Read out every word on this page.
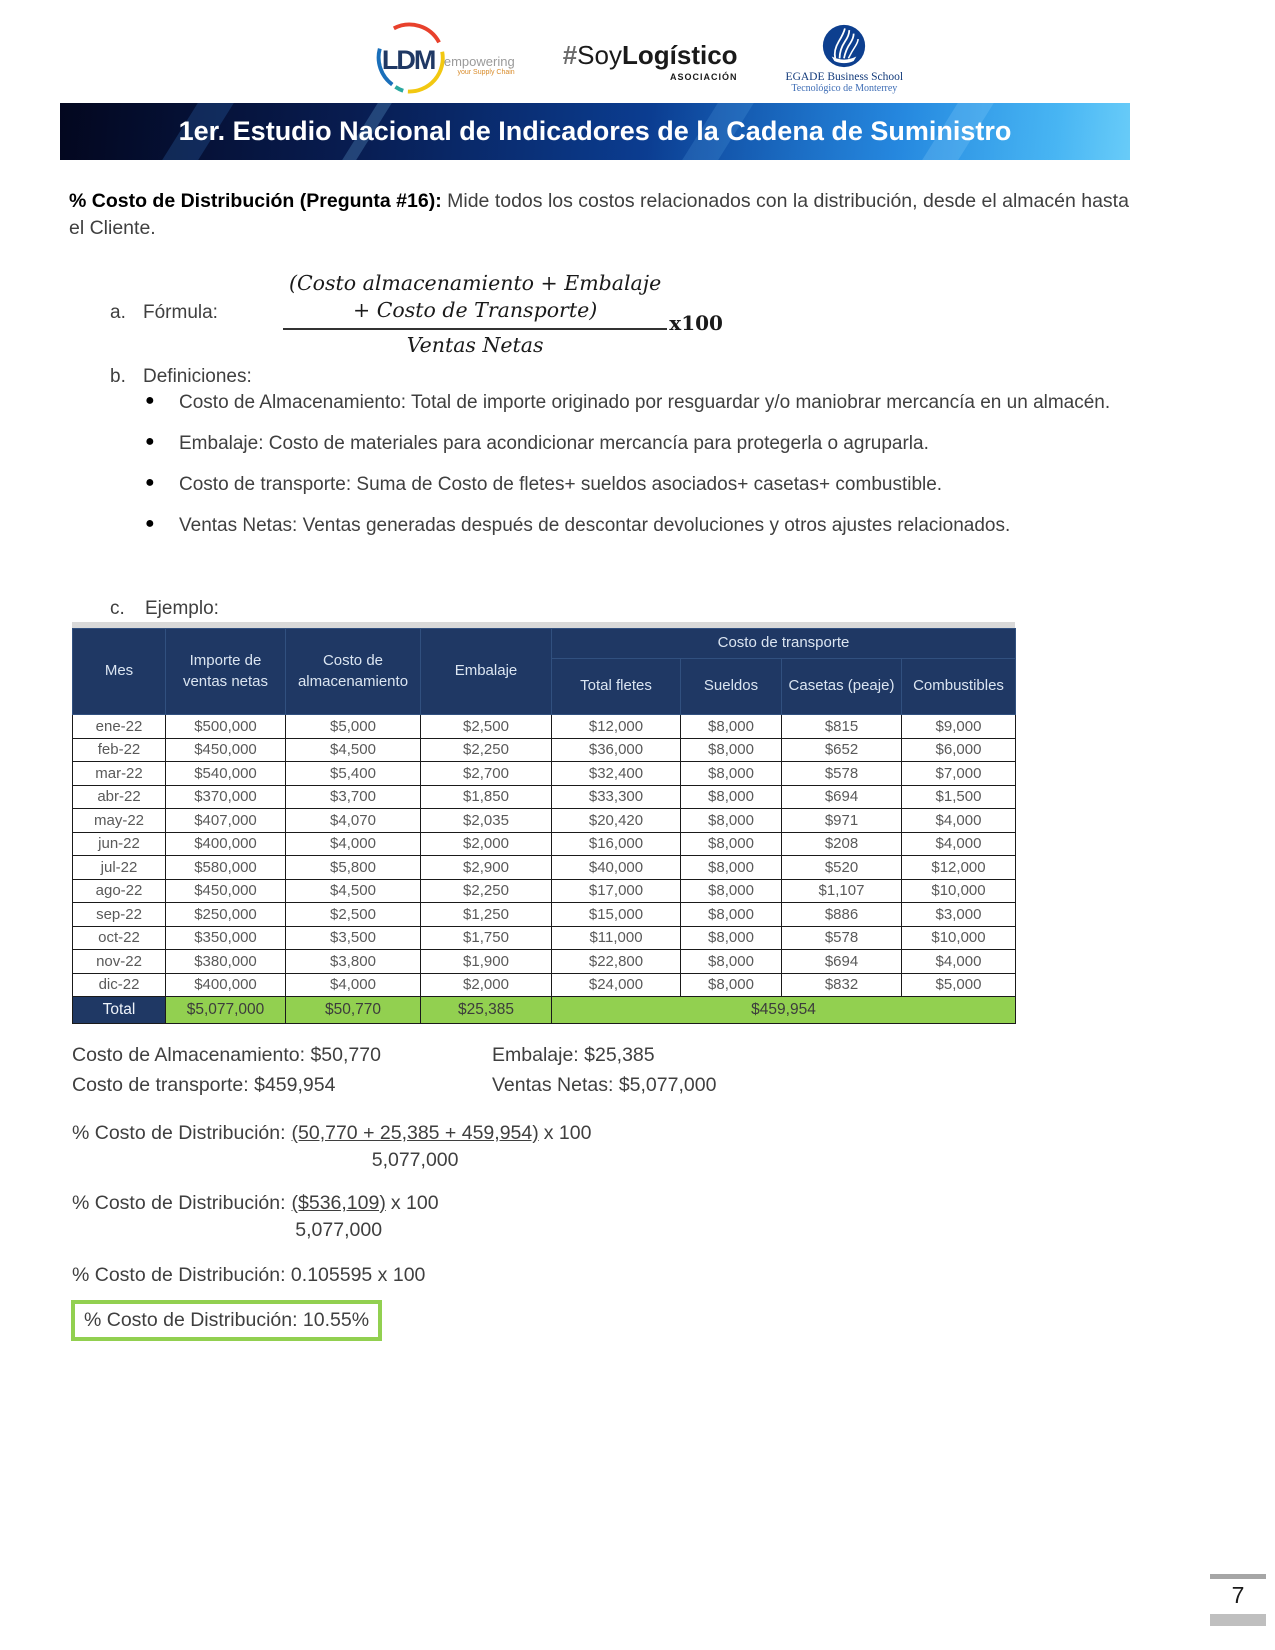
LDM empowering
your Supply Chain
#SoyLogístico
ASOCIACIÓN	EGADE Business School
Tecnológico de Monterrey
1er. Estudio Nacional de Indicadores de la Cadena de Suministro

% Costo de Distribución (Pregunta #16): Mide todos los costos relacionados con la distribución, desde el almacén hasta el Cliente.

a. Fórmula:
(Costo almacenamiento + Embalaje
+ Costo de Transporte)
Ventas Netas
x100
b. Definiciones:
●	Costo de Almacenamiento: Total de importe originado por resguardar y/o maniobrar mercancía en un almacén.
●	Embalaje: Costo de materiales para acondicionar mercancía para protegerla o agruparla.
●	Costo de transporte: Suma de Costo de fletes+ sueldos asociados+ casetas+ combustible.
●	Ventas Netas: Ventas generadas después de descontar devoluciones y otros ajustes relacionados.
c. Ejemplo:
Mes	Importe de ventas netas	Costo de almacenamiento	Embalaje	Costo de transporte			
				Total fletes	Sueldos	Casetas (peaje)	Combustibles
ene-22	$500,000	$5,000	$2,500	$12,000	$8,000	$815	$9,000
feb-22	$450,000	$4,500	$2,250	$36,000	$8,000	$652	$6,000
mar-22	$540,000	$5,400	$2,700	$32,400	$8,000	$578	$7,000
abr-22	$370,000	$3,700	$1,850	$33,300	$8,000	$694	$1,500
may-22	$407,000	$4,070	$2,035	$20,420	$8,000	$971	$4,000
jun-22	$400,000	$4,000	$2,000	$16,000	$8,000	$208	$4,000
jul-22	$580,000	$5,800	$2,900	$40,000	$8,000	$520	$12,000
ago-22	$450,000	$4,500	$2,250	$17,000	$8,000	$1,107	$10,000
sep-22	$250,000	$2,500	$1,250	$15,000	$8,000	$886	$3,000
oct-22	$350,000	$3,500	$1,750	$11,000	$8,000	$578	$10,000
nov-22	$380,000	$3,800	$1,900	$22,800	$8,000	$694	$4,000
dic-22	$400,000	$4,000	$2,000	$24,000	$8,000	$832	$5,000
Total	$5,077,000	$50,770	$25,385	$459,954			
Costo de Almacenamiento: $50,770	Embalaje: $25,385
Costo de transporte: $459,954	Ventas Netas: $5,077,000
% Costo de Distribución: $\frac{(50,770 + 25,385 + 459,954)}{5,077,000}$ x 100
% Costo de Distribución: $\frac{(\$536,109)}{5,077,000}$ x 100
% Costo de Distribución: 0.105595 x 100
% Costo de Distribución: 10.55%
7
